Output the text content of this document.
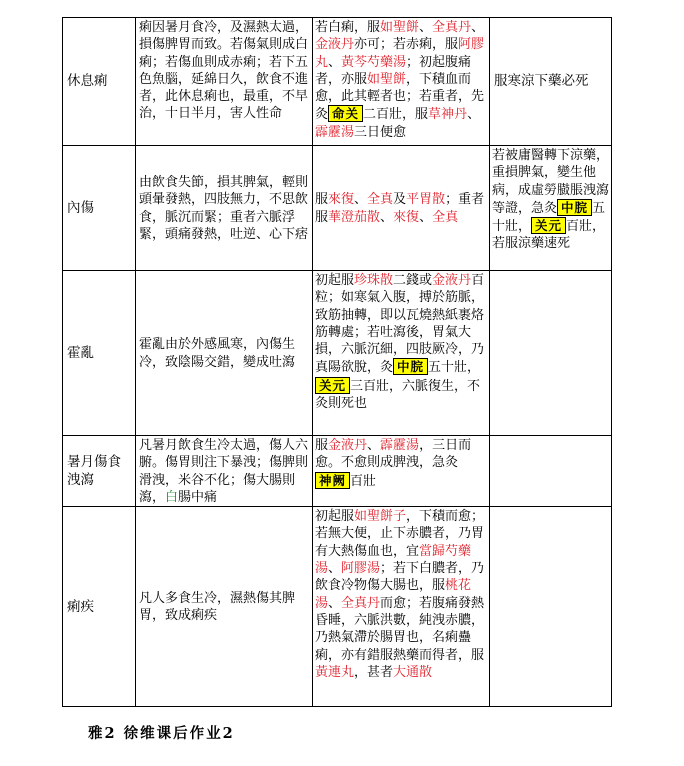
休息痢	痢因暑月食冷，及濕熱太過，損傷脾胃而致。若傷氣則成白痢；若傷血則成赤痢；若下五色魚腦，延綿日久，飲食不進者，此休息痢也，最重，不早治，十日半月，害人性命	若白痢，服如聖餅、全真丹、金液丹亦可；若赤痢，服阿膠丸、黃芩芍藥湯；初起腹痛者，亦服如聖餅，下積血而愈，此其輕者也；若重者，先灸 命关 二百壯，服草神丹、霹靂湯三日便愈	服寒涼下藥必死
內傷	由飲食失節，損其脾氣，輕則頭暈發熱，四肢無力，不思飲食，脈沉而緊；重者六脈浮緊，頭痛發熱，吐逆、心下痞	服來復、全真及平胃散；重者服華澄茄散、來復、全真	若被庸醫轉下涼藥，重損脾氣，變生他病，成虛勞臌脹洩瀉等證，急灸 中脘 五十壯， 关元 百壯，若服涼藥速死
霍亂	霍亂由於外感風寒，內傷生冷，致陰陽交錯，變成吐瀉	初起服珍珠散二錢或金液丹百粒；如寒氣入腹，搏於筋脈，致筋抽轉，即以瓦燒熱紙裹烙筋轉處；若吐瀉後，胃氣大損，六脈沉細，四肢厥冷，乃真陽欲脫，灸 中脘 五十壯，关元 三百壯，六脈復生，不灸則死也	
暑月傷食洩瀉	凡暑月飲食生冷太過，傷人六腑。傷胃則注下暴洩；傷脾則滑洩，米谷不化；傷大腸則瀉，白腸中痛	服金液丹、霹靂湯，三日而愈。不愈則成脾洩，急灸神阙 百壯	
痢疾	凡人多食生冷，濕熱傷其脾胃，致成痢疾	初起服如聖餅子，下積而愈；若無大便，止下赤膿者，乃胃有大熱傷血也，宜當歸芍藥湯、阿膠湯；若下白膿者，乃飲食冷物傷大腸也，服桃花湯、全真丹而愈；若腹痛發熱昏睡，六脈洪數，純洩赤膿，乃熱氣滯於腸胃也，名痢蠱痢，亦有錯服熱藥而得者，服黃連丸，甚者大通散	
雅2 徐维课后作业2
